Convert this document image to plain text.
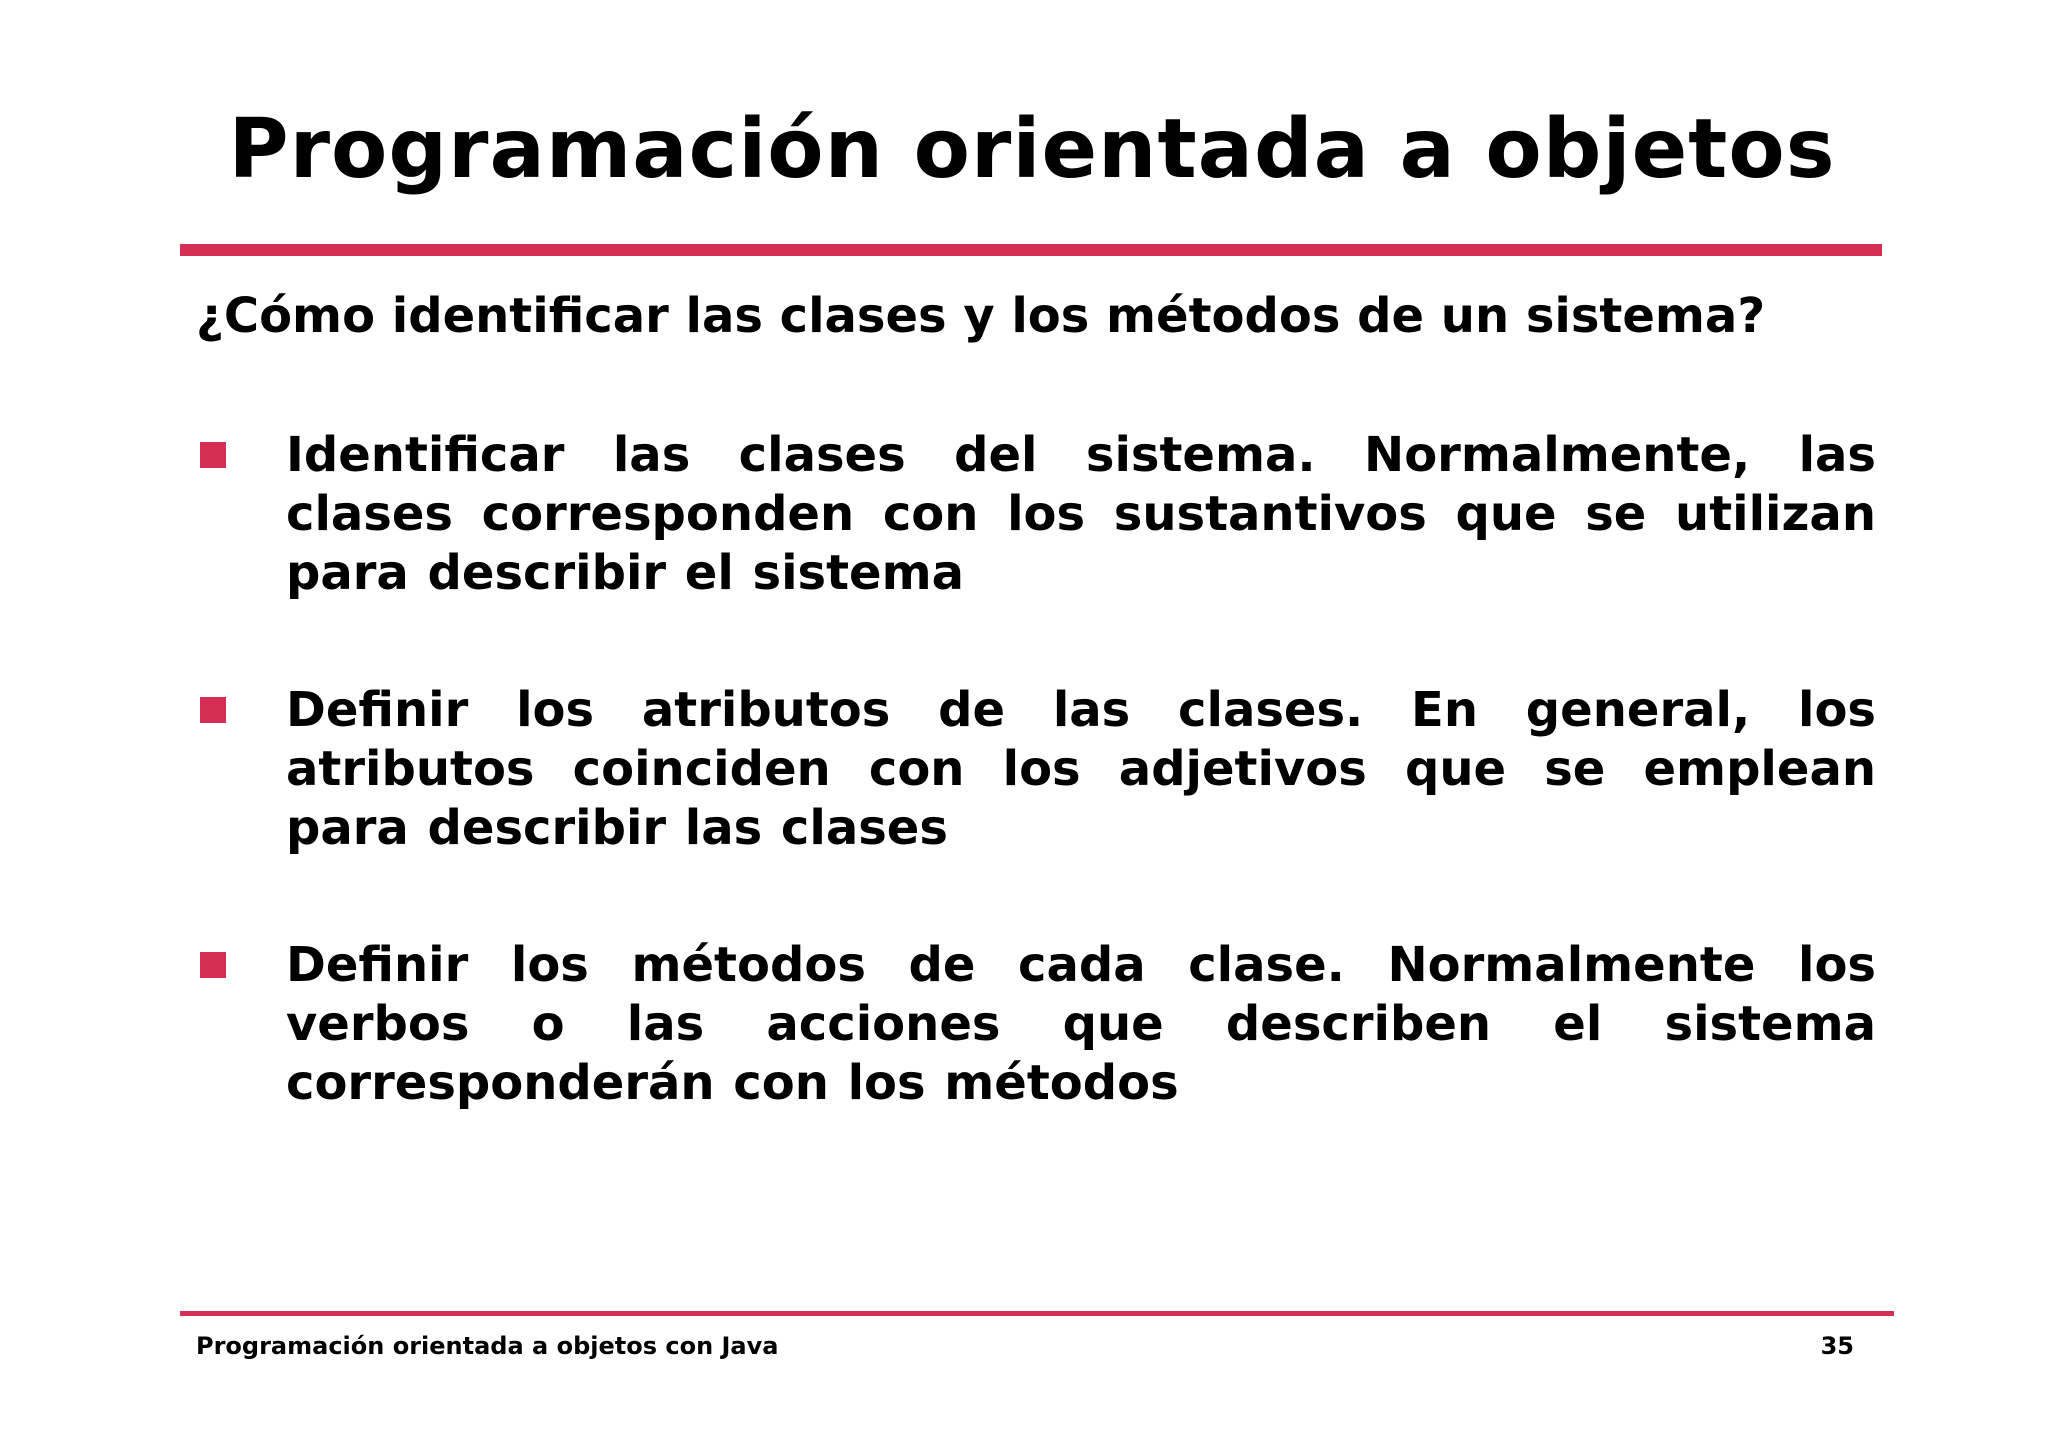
Programación orientada a objetos
¿Cómo identificar las clases y los métodos de un sistema?
Identificar las clases del sistema. Normalmente, las clases corresponden con los sustantivos que se utilizan para describir el sistema
Definir los atributos de las clases. En general, los atributos coinciden con los adjetivos que se emplean para describir las clases
Definir los métodos de cada clase. Normalmente los verbos o las acciones que describen el sistema corresponderán con los métodos
Programación orientada a objetos con Java	35
